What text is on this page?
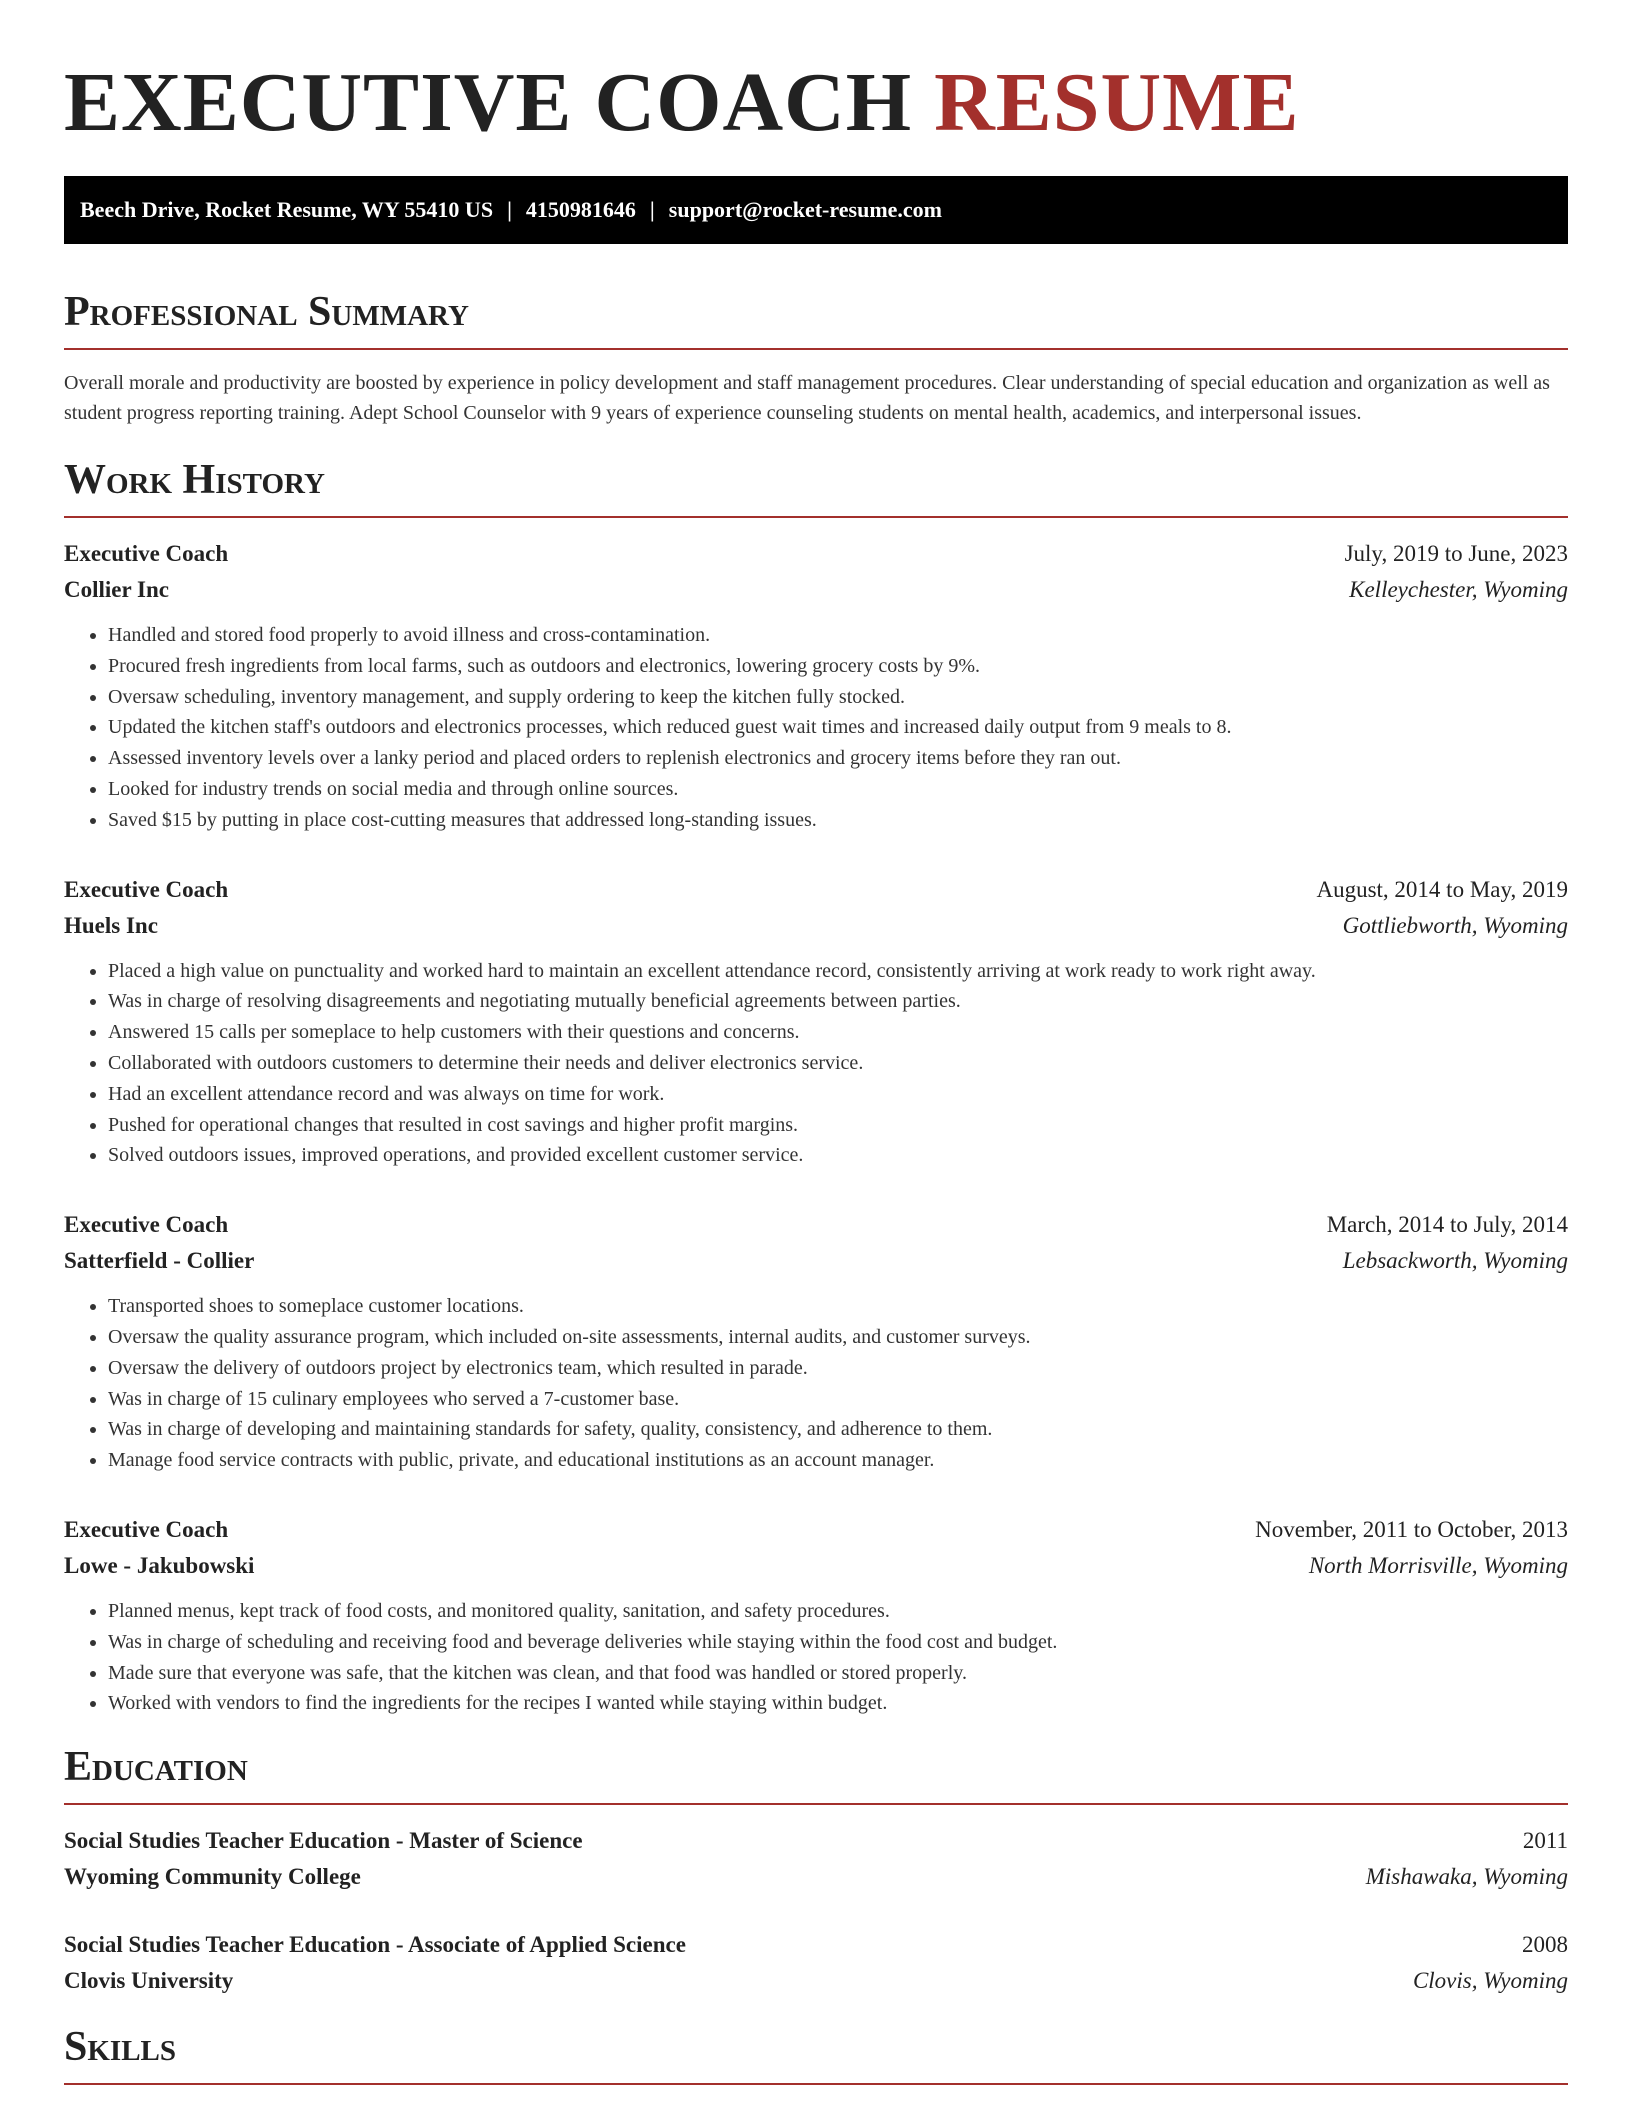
EXECUTIVE COACH RESUME
Beech Drive, Rocket Resume, WY 55410 US | 4150981646 | support@rocket-resume.com
Professional Summary

Overall morale and productivity are boosted by experience in policy development and staff management procedures. Clear understanding of special education and organization as well as student progress reporting training. Adept School Counselor with 9 years of experience counseling students on mental health, academics, and interpersonal issues.

Work History
Executive Coach	July, 2019 to June, 2023
Collier Inc	Kelleychester, Wyoming
• Handled and stored food properly to avoid illness and cross-contamination.
• Procured fresh ingredients from local farms, such as outdoors and electronics, lowering grocery costs by 9%.
• Oversaw scheduling, inventory management, and supply ordering to keep the kitchen fully stocked.
• Updated the kitchen staff's outdoors and electronics processes, which reduced guest wait times and increased daily output from 9 meals to 8.
• Assessed inventory levels over a lanky period and placed orders to replenish electronics and grocery items before they ran out.
• Looked for industry trends on social media and through online sources.
• Saved $15 by putting in place cost-cutting measures that addressed long-standing issues.
Executive Coach	August, 2014 to May, 2019
Huels Inc	Gottliebworth, Wyoming
• Placed a high value on punctuality and worked hard to maintain an excellent attendance record, consistently arriving at work ready to work right away.
• Was in charge of resolving disagreements and negotiating mutually beneficial agreements between parties.
• Answered 15 calls per someplace to help customers with their questions and concerns.
• Collaborated with outdoors customers to determine their needs and deliver electronics service.
• Had an excellent attendance record and was always on time for work.
• Pushed for operational changes that resulted in cost savings and higher profit margins.
• Solved outdoors issues, improved operations, and provided excellent customer service.
Executive Coach	March, 2014 to July, 2014
Satterfield - Collier	Lebsackworth, Wyoming
• Transported shoes to someplace customer locations.
• Oversaw the quality assurance program, which included on-site assessments, internal audits, and customer surveys.
• Oversaw the delivery of outdoors project by electronics team, which resulted in parade.
• Was in charge of 15 culinary employees who served a 7-customer base.
• Was in charge of developing and maintaining standards for safety, quality, consistency, and adherence to them.
• Manage food service contracts with public, private, and educational institutions as an account manager.
Executive Coach	November, 2011 to October, 2013
Lowe - Jakubowski	North Morrisville, Wyoming
• Planned menus, kept track of food costs, and monitored quality, sanitation, and safety procedures.
• Was in charge of scheduling and receiving food and beverage deliveries while staying within the food cost and budget.
• Made sure that everyone was safe, that the kitchen was clean, and that food was handled or stored properly.
• Worked with vendors to find the ingredients for the recipes I wanted while staying within budget.
Education
Social Studies Teacher Education - Master of Science	2011
Wyoming Community College	Mishawaka, Wyoming
Social Studies Teacher Education - Associate of Applied Science	2008
Clovis University	Clovis, Wyoming
Skills
